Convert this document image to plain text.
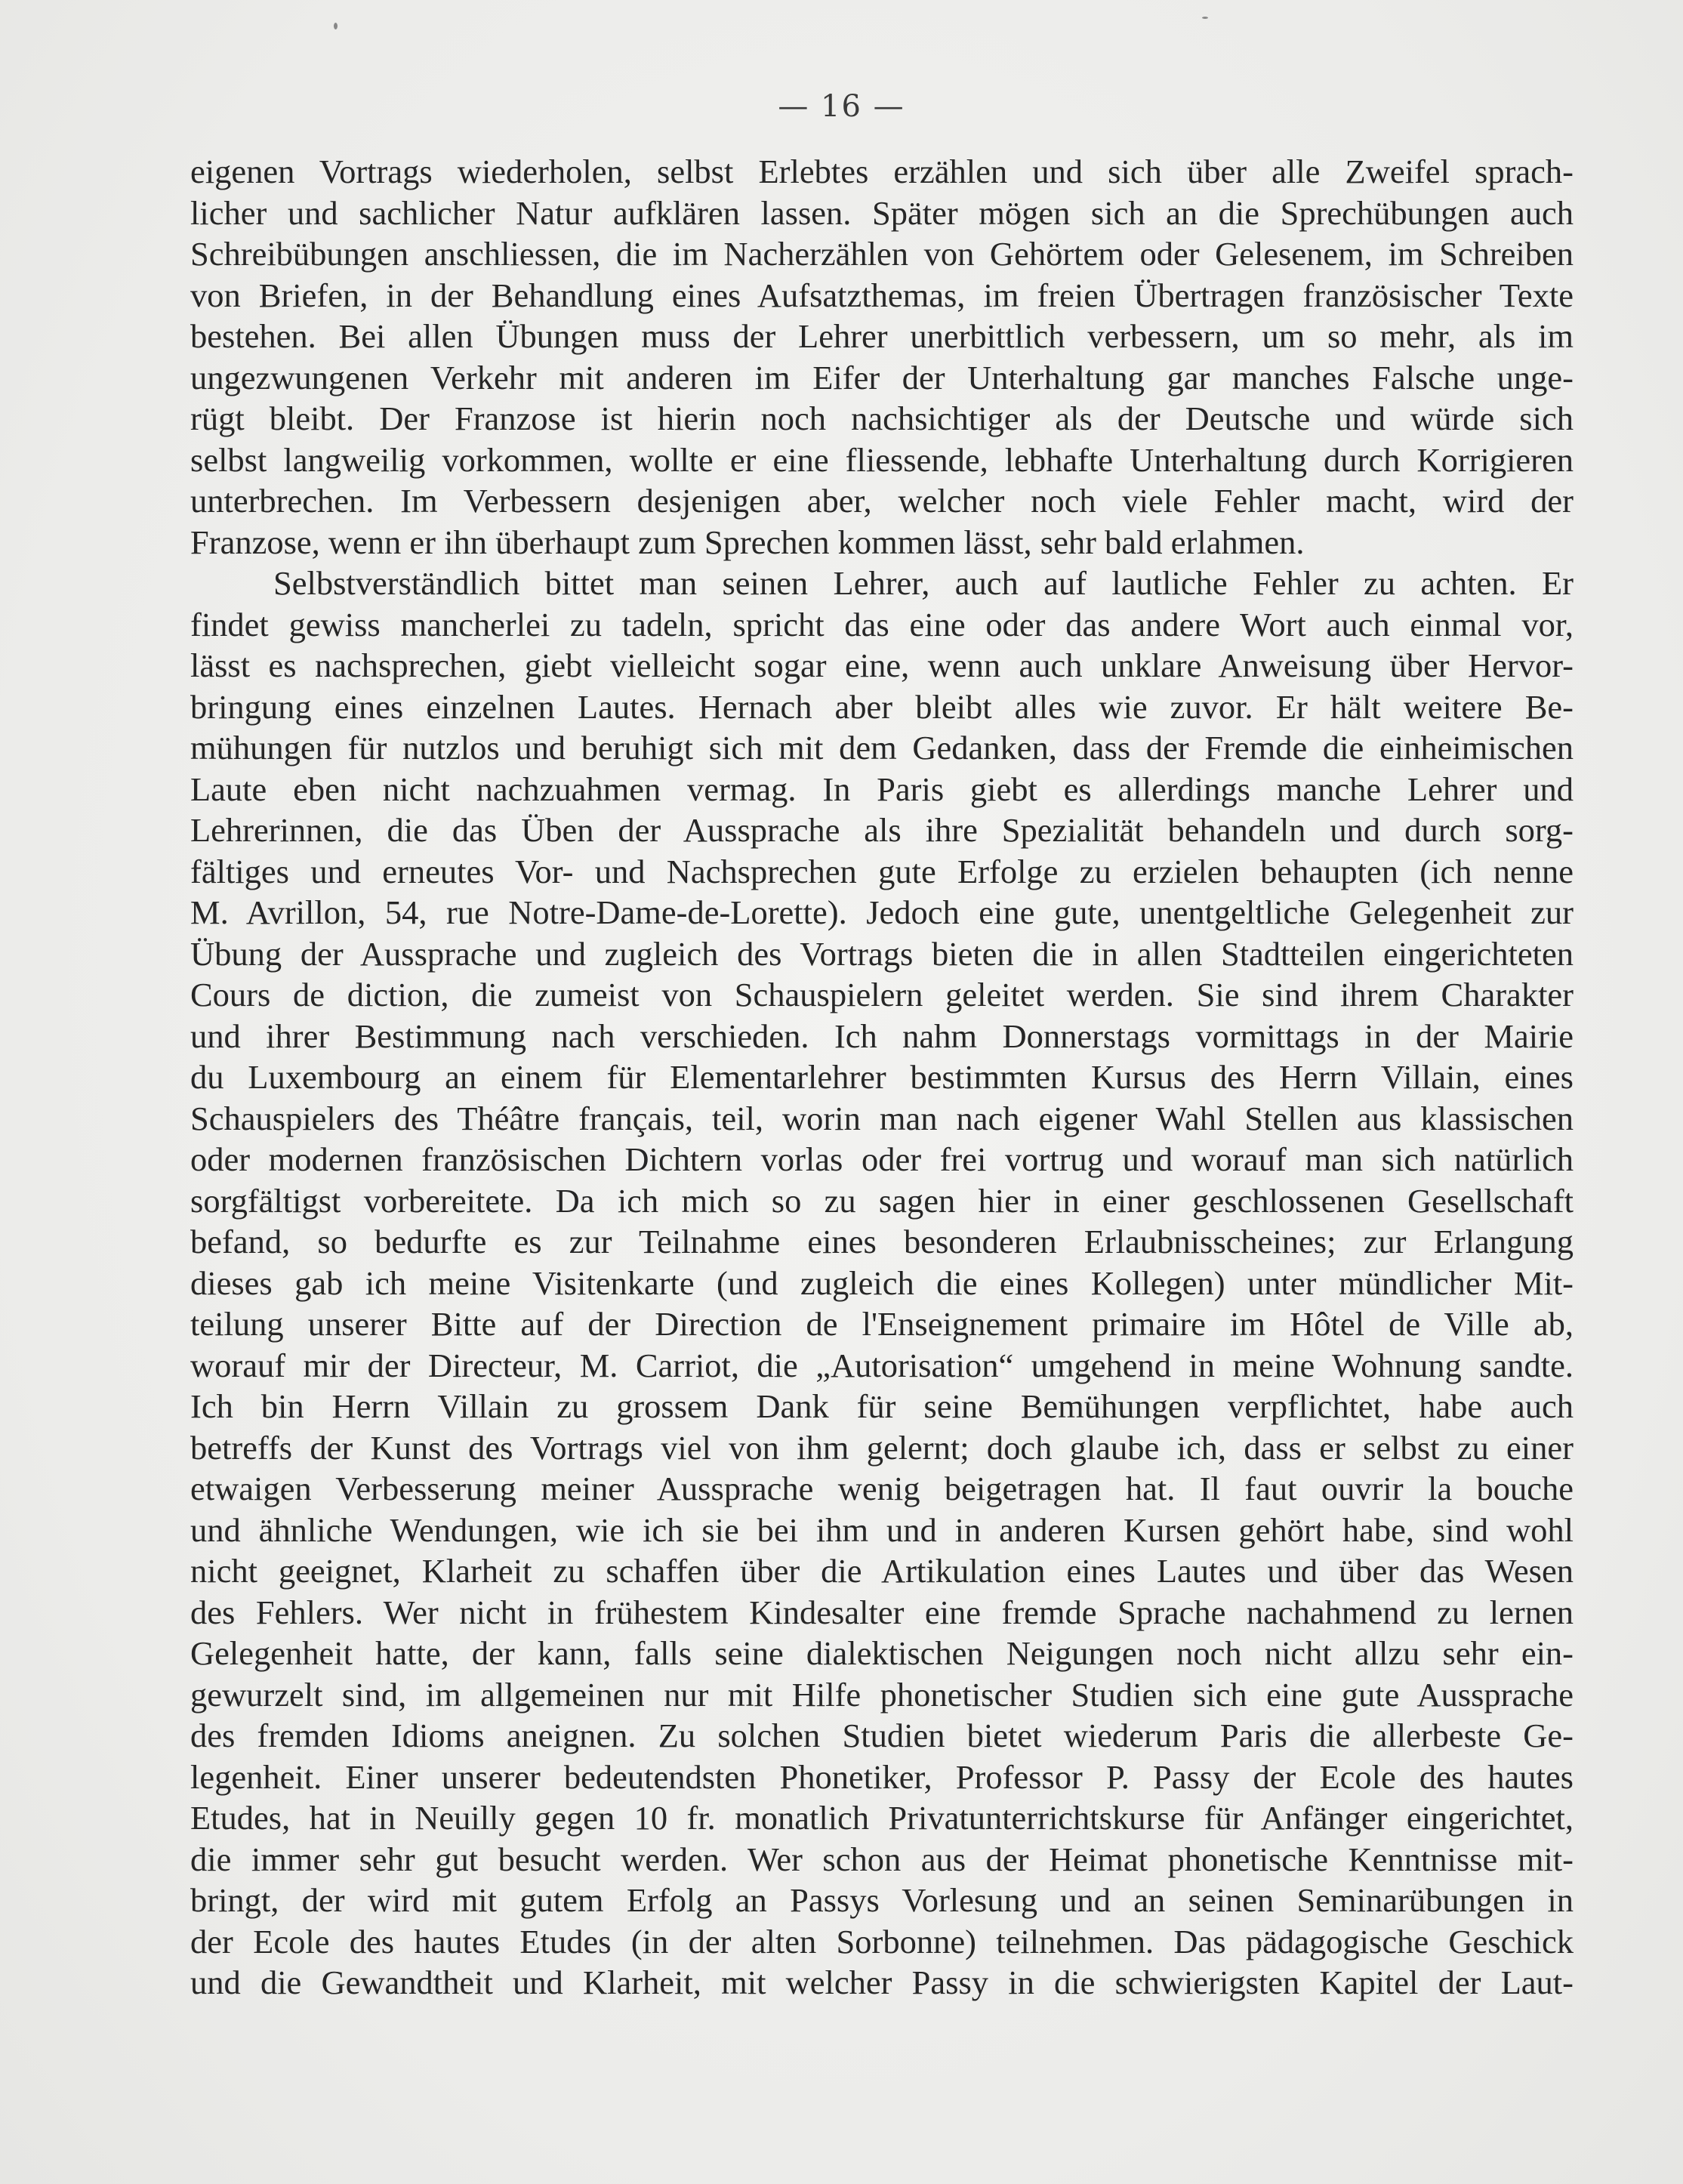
— 16 —
eigenen Vortrags wiederholen, selbst Erlebtes erzählen und sich über alle Zweifel sprach-
licher und sachlicher Natur aufklären lassen. Später mögen sich an die Sprechübungen auch
Schreibübungen anschliessen, die im Nacherzählen von Gehörtem oder Gelesenem, im Schreiben
von Briefen, in der Behandlung eines Aufsatzthemas, im freien Übertragen französischer Texte
bestehen. Bei allen Übungen muss der Lehrer unerbittlich verbessern, um so mehr, als im
ungezwungenen Verkehr mit anderen im Eifer der Unterhaltung gar manches Falsche unge-
rügt bleibt. Der Franzose ist hierin noch nachsichtiger als der Deutsche und würde sich
selbst langweilig vorkommen, wollte er eine fliessende, lebhafte Unterhaltung durch Korrigieren
unterbrechen. Im Verbessern desjenigen aber, welcher noch viele Fehler macht, wird der
Franzose, wenn er ihn überhaupt zum Sprechen kommen lässt, sehr bald erlahmen.
Selbstverständlich bittet man seinen Lehrer, auch auf lautliche Fehler zu achten. Er
findet gewiss mancherlei zu tadeln, spricht das eine oder das andere Wort auch einmal vor,
lässt es nachsprechen, giebt vielleicht sogar eine, wenn auch unklare Anweisung über Hervor-
bringung eines einzelnen Lautes. Hernach aber bleibt alles wie zuvor. Er hält weitere Be-
mühungen für nutzlos und beruhigt sich mit dem Gedanken, dass der Fremde die einheimischen
Laute eben nicht nachzuahmen vermag. In Paris giebt es allerdings manche Lehrer und
Lehrerinnen, die das Üben der Aussprache als ihre Spezialität behandeln und durch sorg-
fältiges und erneutes Vor- und Nachsprechen gute Erfolge zu erzielen behaupten (ich nenne
M. Avrillon, 54, rue Notre-Dame-de-Lorette). Jedoch eine gute, unentgeltliche Gelegenheit zur
Übung der Aussprache und zugleich des Vortrags bieten die in allen Stadtteilen eingerichteten
Cours de diction, die zumeist von Schauspielern geleitet werden. Sie sind ihrem Charakter
und ihrer Bestimmung nach verschieden. Ich nahm Donnerstags vormittags in der Mairie
du Luxembourg an einem für Elementarlehrer bestimmten Kursus des Herrn Villain, eines
Schauspielers des Théâtre français, teil, worin man nach eigener Wahl Stellen aus klassischen
oder modernen französischen Dichtern vorlas oder frei vortrug und worauf man sich natürlich
sorgfältigst vorbereitete. Da ich mich so zu sagen hier in einer geschlossenen Gesellschaft
befand, so bedurfte es zur Teilnahme eines besonderen Erlaubnisscheines; zur Erlangung
dieses gab ich meine Visitenkarte (und zugleich die eines Kollegen) unter mündlicher Mit-
teilung unserer Bitte auf der Direction de l'Enseignement primaire im Hôtel de Ville ab,
worauf mir der Directeur, M. Carriot, die „Autorisation“ umgehend in meine Wohnung sandte.
Ich bin Herrn Villain zu grossem Dank für seine Bemühungen verpflichtet, habe auch
betreffs der Kunst des Vortrags viel von ihm gelernt; doch glaube ich, dass er selbst zu einer
etwaigen Verbesserung meiner Aussprache wenig beigetragen hat. Il faut ouvrir la bouche
und ähnliche Wendungen, wie ich sie bei ihm und in anderen Kursen gehört habe, sind wohl
nicht geeignet, Klarheit zu schaffen über die Artikulation eines Lautes und über das Wesen
des Fehlers. Wer nicht in frühestem Kindesalter eine fremde Sprache nachahmend zu lernen
Gelegenheit hatte, der kann, falls seine dialektischen Neigungen noch nicht allzu sehr ein-
gewurzelt sind, im allgemeinen nur mit Hilfe phonetischer Studien sich eine gute Aussprache
des fremden Idioms aneignen. Zu solchen Studien bietet wiederum Paris die allerbeste Ge-
legenheit. Einer unserer bedeutendsten Phonetiker, Professor P. Passy der Ecole des hautes
Etudes, hat in Neuilly gegen 10 fr. monatlich Privatunterrichtskurse für Anfänger eingerichtet,
die immer sehr gut besucht werden. Wer schon aus der Heimat phonetische Kenntnisse mit-
bringt, der wird mit gutem Erfolg an Passys Vorlesung und an seinen Seminarübungen in
der Ecole des hautes Etudes (in der alten Sorbonne) teilnehmen. Das pädagogische Geschick
und die Gewandtheit und Klarheit, mit welcher Passy in die schwierigsten Kapitel der Laut-
